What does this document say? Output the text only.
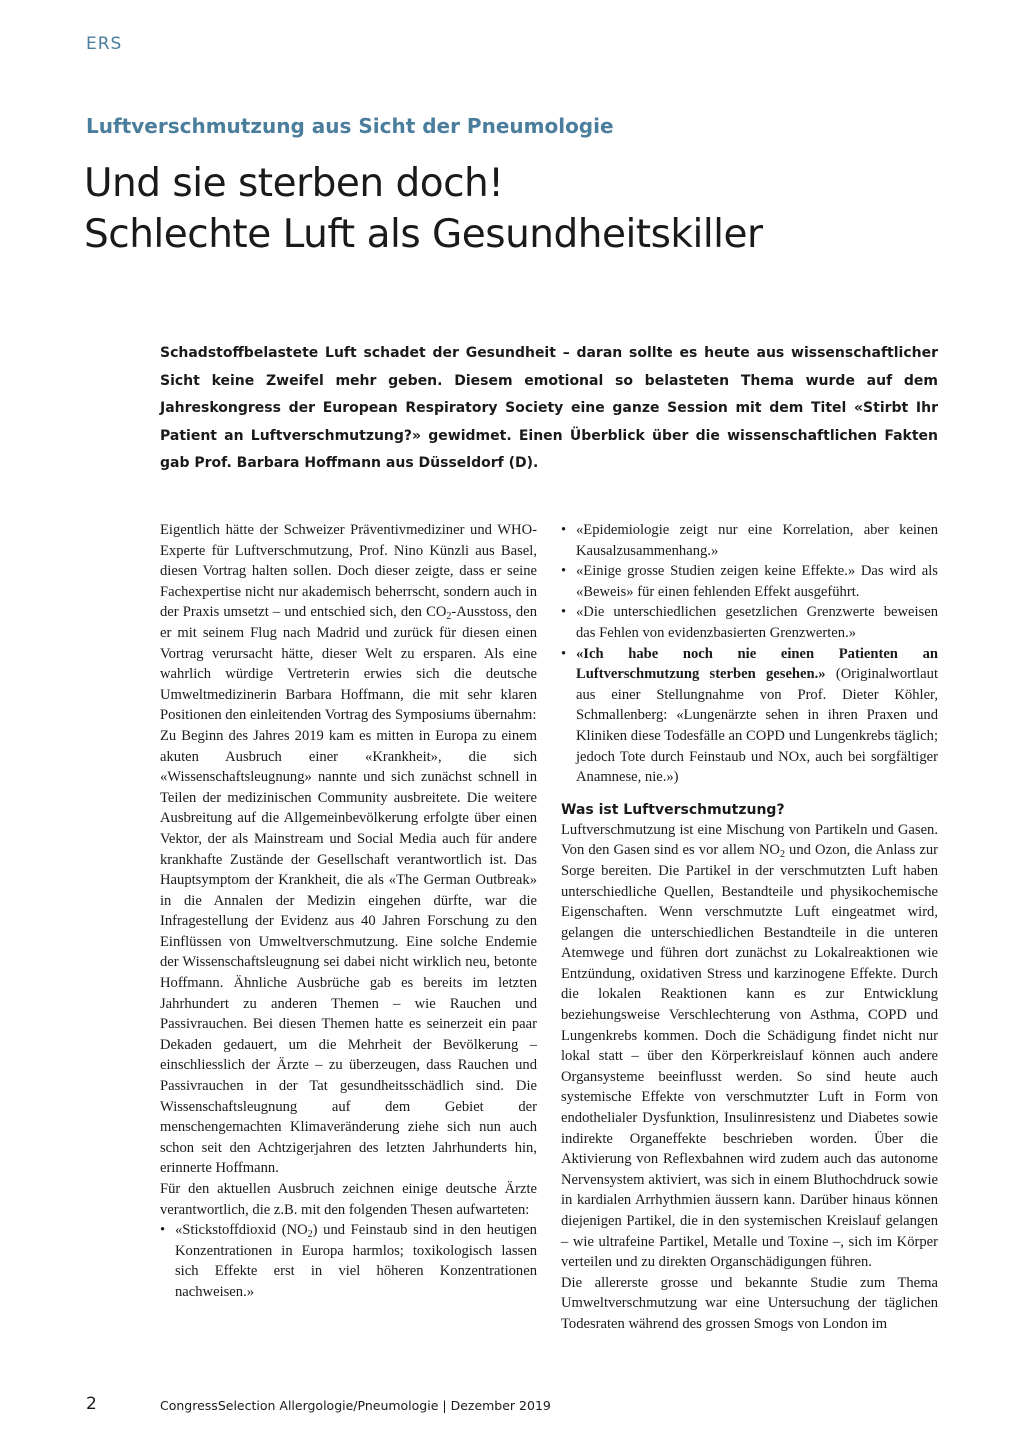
ERS
Luftverschmutzung aus Sicht der Pneumologie
Und sie sterben doch!
Schlechte Luft als Gesundheitskiller

Schadstoffbelastete Luft schadet der Gesundheit – daran sollte es heute aus wissenschaftlicher Sicht keine Zweifel mehr geben. Diesem emotional so belasteten Thema wurde auf dem Jahreskongress der European Respiratory Society eine ganze Session mit dem Titel «Stirbt Ihr Patient an Luftverschmutzung?» gewidmet. Einen Überblick über die wissenschaftlichen Fakten gab Prof. Barbara Hoffmann aus Düsseldorf (D).

Eigentlich hätte der Schweizer Präventivmediziner und WHO-Experte für Luftverschmutzung, Prof. Nino Künzli aus Basel, diesen Vortrag halten sollen. Doch dieser zeigte, dass er seine Fachexpertise nicht nur akademisch beherrscht, sondern auch in der Praxis umsetzt – und entschied sich, den $CO_2$-Ausstoss, den er mit seinem Flug nach Madrid und zurück für diesen einen Vortrag verursacht hätte, dieser Welt zu ersparen. Als eine wahrlich würdige Vertreterin erwies sich die deutsche Umweltmedizinerin Barbara Hoffmann, die mit sehr klaren Positionen den einleitenden Vortrag des Symposiums übernahm:

Zu Beginn des Jahres 2019 kam es mitten in Europa zu einem akuten Ausbruch einer «Krankheit», die sich «Wissenschaftsleugnung» nannte und sich zunächst schnell in Teilen der medizinischen Community ausbreitete. Die weitere Ausbreitung auf die Allgemeinbevölkerung erfolgte über einen Vektor, der als Mainstream und Social Media auch für andere krankhafte Zustände der Gesellschaft verantwortlich ist. Das Hauptsymptom der Krankheit, die als «The German Outbreak» in die Annalen der Medizin eingehen dürfte, war die Infragestellung der Evidenz aus 40 Jahren Forschung zu den Einflüssen von Umweltverschmutzung. Eine solche Endemie der Wissenschaftsleugnung sei dabei nicht wirklich neu, betonte Hoffmann. Ähnliche Ausbrüche gab es bereits im letzten Jahrhundert zu anderen Themen – wie Rauchen und Passivrauchen. Bei diesen Themen hatte es seinerzeit ein paar Dekaden gedauert, um die Mehrheit der Bevölkerung – einschliesslich der Ärzte – zu überzeugen, dass Rauchen und Passivrauchen in der Tat gesundheitsschädlich sind. Die Wissenschaftsleugnung auf dem Gebiet der menschengemachten Klimaveränderung ziehe sich nun auch schon seit den Achtzigerjahren des letzten Jahrhunderts hin, erinnerte Hoffmann.

Für den aktuellen Ausbruch zeichnen einige deutsche Ärzte verantwortlich, die z.B. mit den folgenden Thesen aufwarteten:

• «Stickstoffdioxid $(NO_2)$ und Feinstaub sind in den heutigen Konzentrationen in Europa harmlos; toxikologisch lassen sich Effekte erst in viel höheren Konzentrationen nachweisen.»
• «Epidemiologie zeigt nur eine Korrelation, aber keinen Kausalzusammenhang.»
• «Einige grosse Studien zeigen keine Effekte.» Das wird als «Beweis» für einen fehlenden Effekt ausgeführt.
• «Die unterschiedlichen gesetzlichen Grenzwerte beweisen das Fehlen von evidenzbasierten Grenzwerten.»
• «Ich habe noch nie einen Patienten an Luftverschmutzung sterben gesehen.» (Originalwortlaut aus einer Stellungnahme von Prof. Dieter Köhler, Schmallenberg: «Lungenärzte sehen in ihren Praxen und Kliniken diese Todesfälle an COPD und Lungenkrebs täglich; jedoch Tote durch Feinstaub und NOx, auch bei sorgfältiger Anamnese, nie.»)
Was ist Luftverschmutzung?

Luftverschmutzung ist eine Mischung von Partikeln und Gasen. Von den Gasen sind es vor allem $NO_2$ und Ozon, die Anlass zur Sorge bereiten. Die Partikel in der verschmutzten Luft haben unterschiedliche Quellen, Bestandteile und physikochemische Eigenschaften. Wenn verschmutzte Luft eingeatmet wird, gelangen die unterschiedlichen Bestandteile in die unteren Atemwege und führen dort zunächst zu Lokalreaktionen wie Entzündung, oxidativen Stress und karzinogene Effekte. Durch die lokalen Reaktionen kann es zur Entwicklung beziehungsweise Verschlechterung von Asthma, COPD und Lungenkrebs kommen. Doch die Schädigung findet nicht nur lokal statt – über den Körperkreislauf können auch andere Organsysteme beeinflusst werden. So sind heute auch systemische Effekte von verschmutzter Luft in Form von endothelialer Dysfunktion, Insulinresistenz und Diabetes sowie indirekte Organeffekte beschrieben worden. Über die Aktivierung von Reflexbahnen wird zudem auch das autonome Nervensystem aktiviert, was sich in einem Bluthochdruck sowie in kardialen Arrhythmien äussern kann. Darüber hinaus können diejenigen Partikel, die in den systemischen Kreislauf gelangen – wie ultrafeine Partikel, Metalle und Toxine –, sich im Körper verteilen und zu direkten Organschädigungen führen.

Die allererste grosse und bekannte Studie zum Thema Umweltverschmutzung war eine Untersuchung der täglichen Todesraten während des grossen Smogs von London im

2	CongressSelection Allergologie/Pneumologie | Dezember 2019
